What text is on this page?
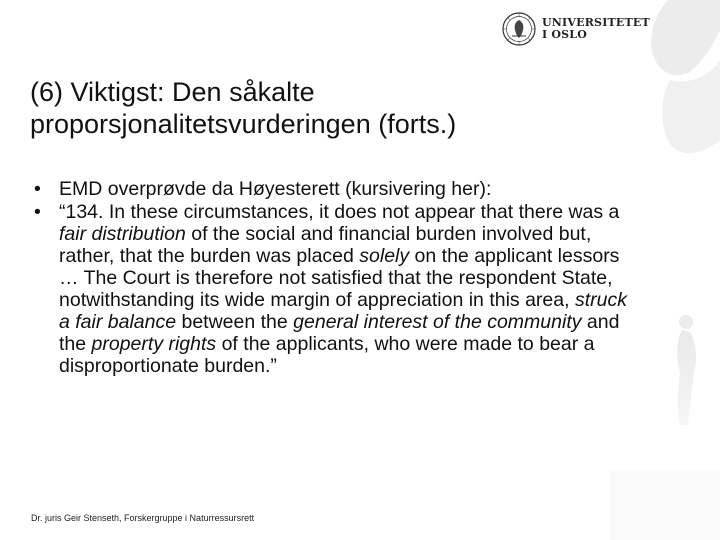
UNIVERSITETET
I OSLO
(6) Viktigst: Den såkalte
proporsjonalitetsvurderingen (forts.)
• EMD overprøvde da Høyesterett (kursivering her):
• “134. In these circumstances, it does not appear that there was a fair distribution of the social and financial burden involved but, rather, that the burden was placed solely on the applicant lessors … The Court is therefore not satisfied that the respondent State, notwithstanding its wide margin of appreciation in this area, struck a fair balance between the general interest of the community and the property rights of the applicants, who were made to bear a disproportionate burden.”
Dr. juris Geir Stenseth, Forskergruppe i Naturressursrett
